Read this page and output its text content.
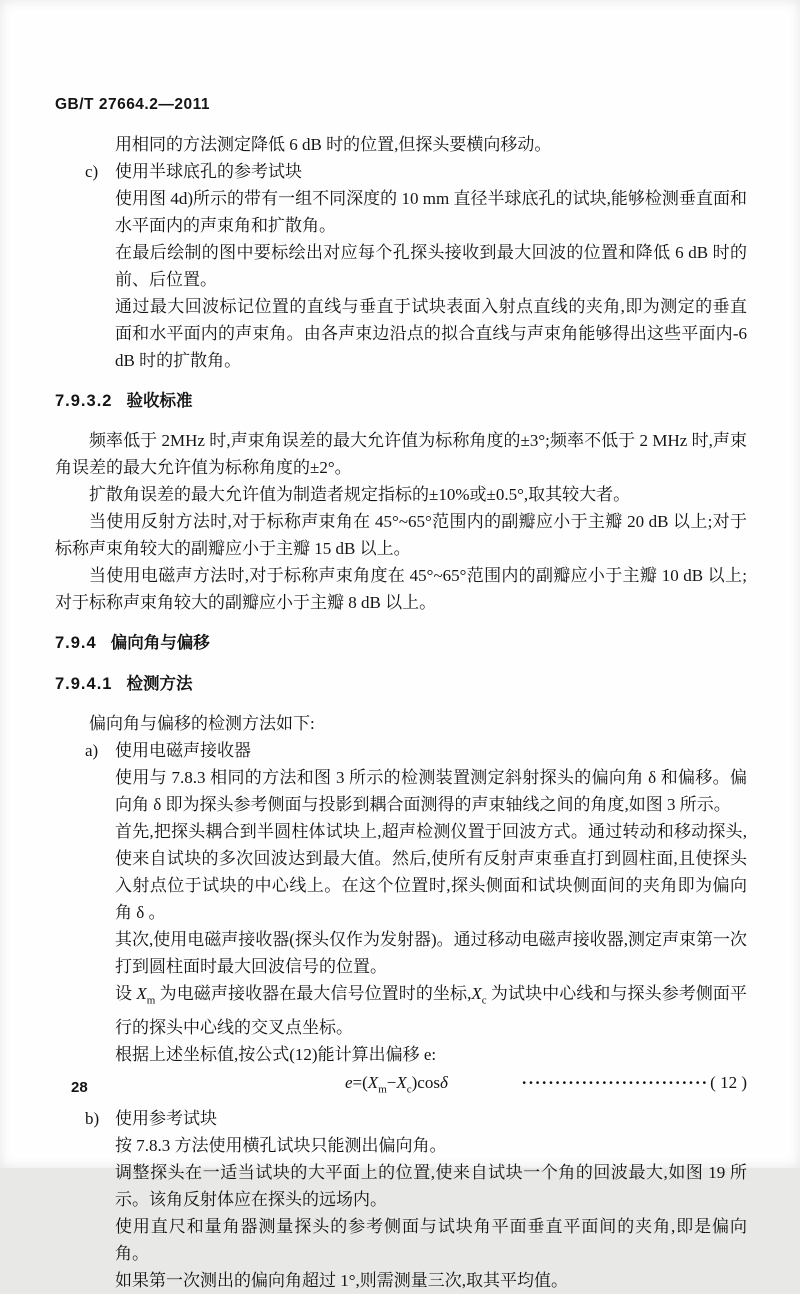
GB/T 27664.2—2011

用相同的方法测定降低 6 dB 时的位置,但探头要横向移动。

c) 使用半球底孔的参考试块

使用图 4d)所示的带有一组不同深度的 10 mm 直径半球底孔的试块,能够检测垂直面和水平面内的声束角和扩散角。

在最后绘制的图中要标绘出对应每个孔探头接收到最大回波的位置和降低 6 dB 时的前、后位置。

通过最大回波标记位置的直线与垂直于试块表面入射点直线的夹角,即为测定的垂直面和水平面内的声束角。由各声束边沿点的拟合直线与声束角能够得出这些平面内-6 dB 时的扩散角。

7.9.3.2 验收标准

频率低于 2MHz 时,声束角误差的最大允许值为标称角度的±3°;频率不低于 2 MHz 时,声束角误差的最大允许值为标称角度的±2°。

扩散角误差的最大允许值为制造者规定指标的±10%或±0.5°,取其较大者。

当使用反射方法时,对于标称声束角在 45°~65°范围内的副瓣应小于主瓣 20 dB 以上;对于标称声束角较大的副瓣应小于主瓣 15 dB 以上。

当使用电磁声方法时,对于标称声束角度在 45°~65°范围内的副瓣应小于主瓣 10 dB 以上;对于标称声束角较大的副瓣应小于主瓣 8 dB 以上。

7.9.4 偏向角与偏移

7.9.4.1 检测方法

偏向角与偏移的检测方法如下:

a) 使用电磁声接收器

使用与 7.8.3 相同的方法和图 3 所示的检测装置测定斜射探头的偏向角 δ 和偏移。偏向角 δ 即为探头参考侧面与投影到耦合面测得的声束轴线之间的角度,如图 3 所示。

首先,把探头耦合到半圆柱体试块上,超声检测仪置于回波方式。通过转动和移动探头,使来自试块的多次回波达到最大值。然后,使所有反射声束垂直打到圆柱面,且使探头入射点位于试块的中心线上。在这个位置时,探头侧面和试块侧面间的夹角即为偏向角 δ 。

其次,使用电磁声接收器(探头仅作为发射器)。通过移动电磁声接收器,测定声束第一次打到圆柱面时最大回波信号的位置。

设 $X_m$ 为电磁声接收器在最大信号位置时的坐标$,X_c$ 为试块中心线和与探头参考侧面平行的探头中心线的交叉点坐标。

根据上述坐标值,按公式(12)能计算出偏移 e:

$e=(X_m-X_c)\cos\delta$	···························· ( 12 )
b) 使用参考试块

按 7.8.3 方法使用横孔试块只能测出偏向角。

调整探头在一适当试块的大平面上的位置,使来自试块一个角的回波最大,如图 19 所示。该角反射体应在探头的远场内。

使用直尺和量角器测量探头的参考侧面与试块角平面垂直平面间的夹角,即是偏向角。

如果第一次测出的偏向角超过 1°,则需测量三次,取其平均值。

28
